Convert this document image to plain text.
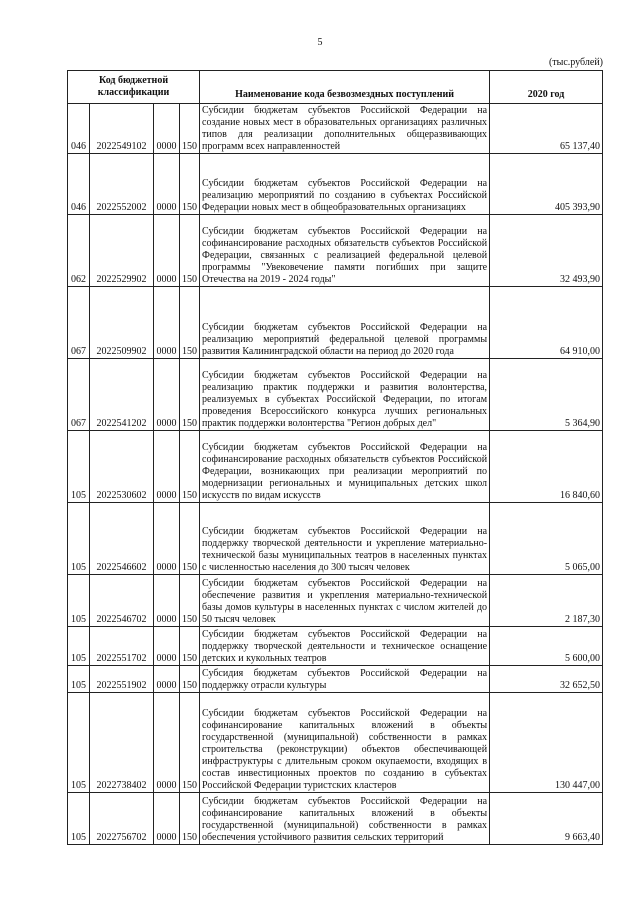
5
(тыс.рублей)
Код бюджетной классификации				Наименование кода безвозмездных поступлений	2020 год
046	2022549102	0000	150	Субсидии бюджетам субъектов Российской Федерации на создание новых мест в образовательных организациях различных типов для реализации дополнительных общеразвивающих программ всех направленностей	65 137,40
046	2022552002	0000	150	Субсидии бюджетам субъектов Российской Федерации на реализацию мероприятий по созданию в субъектах Российской Федерации новых мест в общеобразовательных организациях	405 393,90
062	2022529902	0000	150	Субсидии бюджетам субъектов Российской Федерации на софинансирование расходных обязательств субъектов Российской Федерации, связанных с реализацией федеральной целевой программы "Увековечение памяти погибших при защите Отечества на 2019 - 2024 годы"	32 493,90
067	2022509902	0000	150	Субсидии бюджетам субъектов Российской Федерации на реализацию мероприятий федеральной целевой программы развития Калининградской области на период до 2020 года	64 910,00
067	2022541202	0000	150	Субсидии бюджетам субъектов Российской Федерации на реализацию практик поддержки и развития волонтерства, реализуемых в субъектах Российской Федерации, по итогам проведения Всероссийского конкурса лучших региональных практик поддержки волонтерства "Регион добрых дел"	5 364,90
105	2022530602	0000	150	Субсидии бюджетам субъектов Российской Федерации на софинансирование расходных обязательств субъектов Российской Федерации, возникающих при реализации мероприятий по модернизации региональных и муниципальных детских школ искусств по видам искусств	16 840,60
105	2022546602	0000	150	Субсидии бюджетам субъектов Российской Федерации на поддержку творческой деятельности и укрепление материально-технической базы муниципальных театров в населенных пунктах с численностью населения до 300 тысяч человек	5 065,00
105	2022546702	0000	150	Субсидии бюджетам субъектов Российской Федерации на обеспечение развития и укрепления материально-технической базы домов культуры в населенных пунктах с числом жителей до 50 тысяч человек	2 187,30
105	2022551702	0000	150	Субсидии бюджетам субъектов Российской Федерации на поддержку творческой деятельности и техническое оснащение детских и кукольных театров	5 600,00
105	2022551902	0000	150	Субсидия бюджетам субъектов Российской Федерации на поддержку отрасли культуры	32 652,50
105	2022738402	0000	150	Субсидии бюджетам субъектов Российской Федерации на софинансирование капитальных вложений в объекты государственной (муниципальной) собственности в рамках строительства (реконструкции) объектов обеспечивающей инфраструктуры с длительным сроком окупаемости, входящих в состав инвестиционных проектов по созданию в субъектах Российской Федерации туристских кластеров	130 447,00
105	2022756702	0000	150	Субсидии бюджетам субъектов Российской Федерации на софинансирование капитальных вложений в объекты государственной (муниципальной) собственности в рамках обеспечения устойчивого развития сельских территорий	9 663,40
